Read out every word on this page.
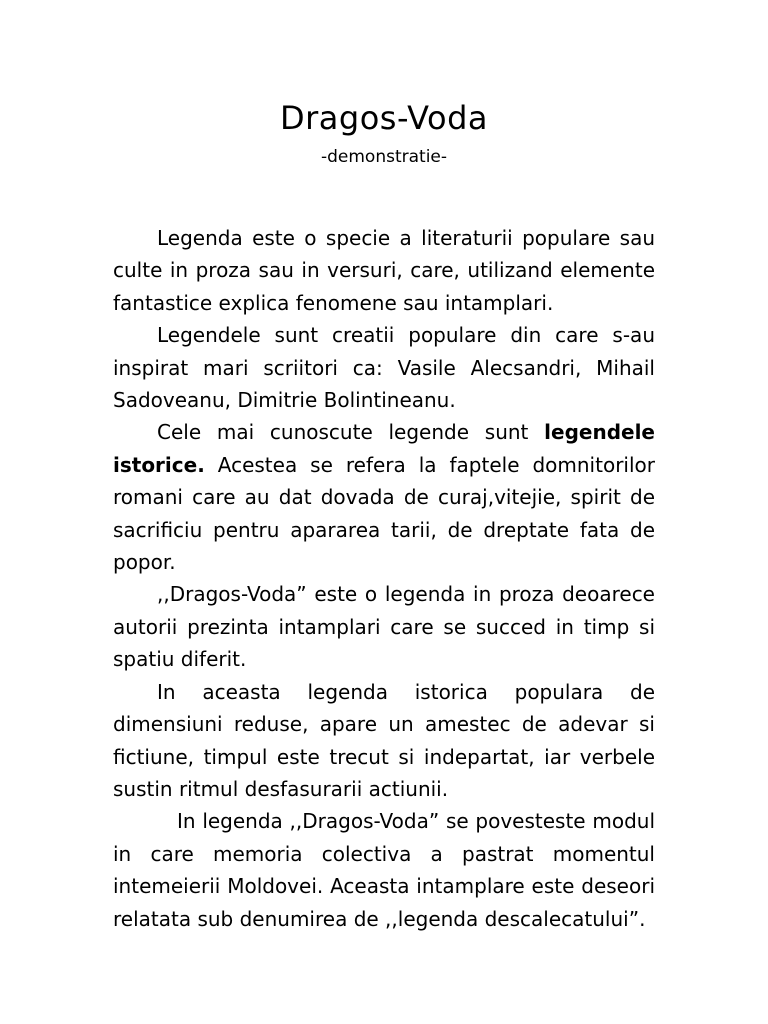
Dragos-Voda
-demonstratie-

Legenda este o specie a literaturii populare sau culte in proza sau in versuri, care, utilizand elemente fantastice explica fenomene sau intamplari.

Legendele sunt creatii populare din care s-au inspirat mari scriitori ca: Vasile Alecsandri, Mihail Sadoveanu, Dimitrie Bolintineanu.

Cele mai cunoscute legende sunt legendele istorice. Acestea se refera la faptele domnitorilor romani care au dat dovada de curaj,vitejie, spirit de sacrificiu pentru apararea tarii, de dreptate fata de popor.

,,Dragos-Voda” este o legenda in proza deoarece autorii prezinta intamplari care se succed in timp si spatiu diferit.

In aceasta legenda istorica populara de dimensiuni reduse, apare un amestec de adevar si fictiune, timpul este trecut si indepartat, iar verbele sustin ritmul desfasurarii actiunii.

In legenda ,,Dragos-Voda” se povesteste modul in care memoria colectiva a pastrat momentul intemeierii Moldovei. Aceasta intamplare este deseori relatata sub denumirea de ,,legenda descalecatului”.
